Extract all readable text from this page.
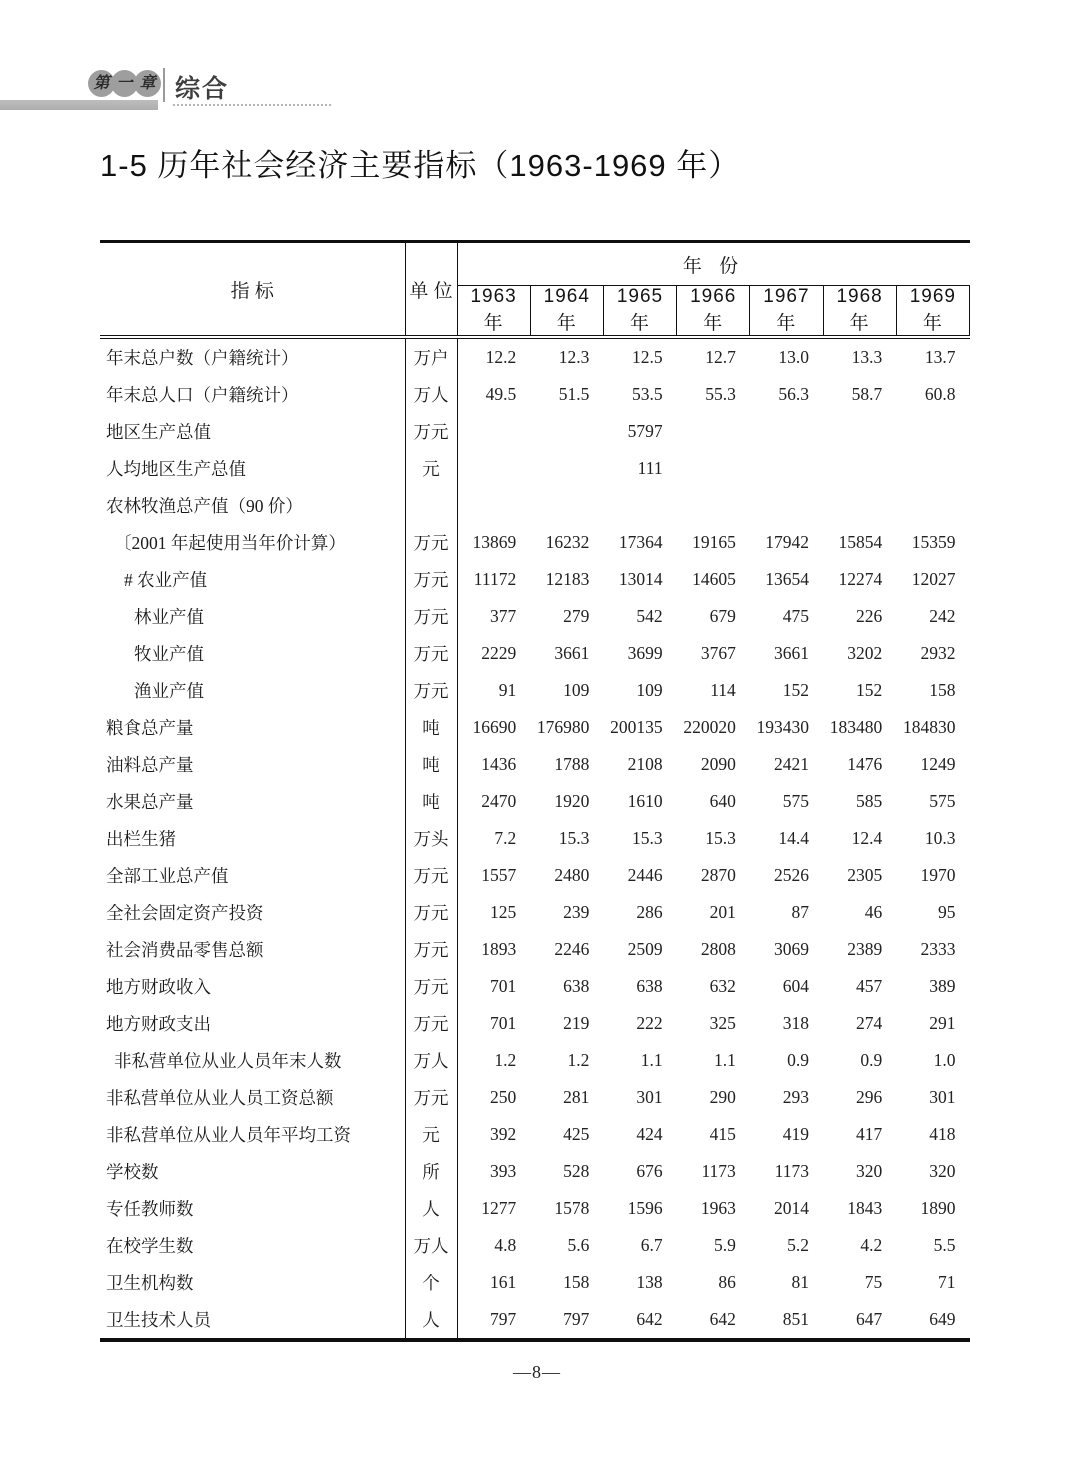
第 一 章 综合
1-5 历年社会经济主要指标（1963-1969 年）
指 标	单 位	年 份						
		1963 年	1964 年	1965 年	1966 年	1967 年	1968 年	1969 年
年末总户数（户籍统计）	万户	12.2	12.3	12.5	12.7	13.0	13.3	13.7
年末总人口（户籍统计）	万人	49.5	51.5	53.5	55.3	56.3	58.7	60.8
地区生产总值	万元			5797				
人均地区生产总值	元			111				
农林牧渔总产值（90 价）								
〔2001 年起使用当年价计算）	万元	13869	16232	17364	19165	17942	15854	15359
# 农业产值	万元	11172	12183	13014	14605	13654	12274	12027
林业产值	万元	377	279	542	679	475	226	242
牧业产值	万元	2229	3661	3699	3767	3661	3202	2932
渔业产值	万元	91	109	109	114	152	152	158
粮食总产量	吨	16690	176980	200135	220020	193430	183480	184830
油料总产量	吨	1436	1788	2108	2090	2421	1476	1249
水果总产量	吨	2470	1920	1610	640	575	585	575
出栏生猪	万头	7.2	15.3	15.3	15.3	14.4	12.4	10.3
全部工业总产值	万元	1557	2480	2446	2870	2526	2305	1970
全社会固定资产投资	万元	125	239	286	201	87	46	95
社会消费品零售总额	万元	1893	2246	2509	2808	3069	2389	2333
地方财政收入	万元	701	638	638	632	604	457	389
地方财政支出	万元	701	219	222	325	318	274	291
非私营单位从业人员年末人数	万人	1.2	1.2	1.1	1.1	0.9	0.9	1.0
非私营单位从业人员工资总额	万元	250	281	301	290	293	296	301
非私营单位从业人员年平均工资	元	392	425	424	415	419	417	418
学校数	所	393	528	676	1173	1173	320	320
专任教师数	人	1277	1578	1596	1963	2014	1843	1890
在校学生数	万人	4.8	5.6	6.7	5.9	5.2	4.2	5.5
卫生机构数	个	161	158	138	86	81	75	71
卫生技术人员	人	797	797	642	642	851	647	649
—8—
